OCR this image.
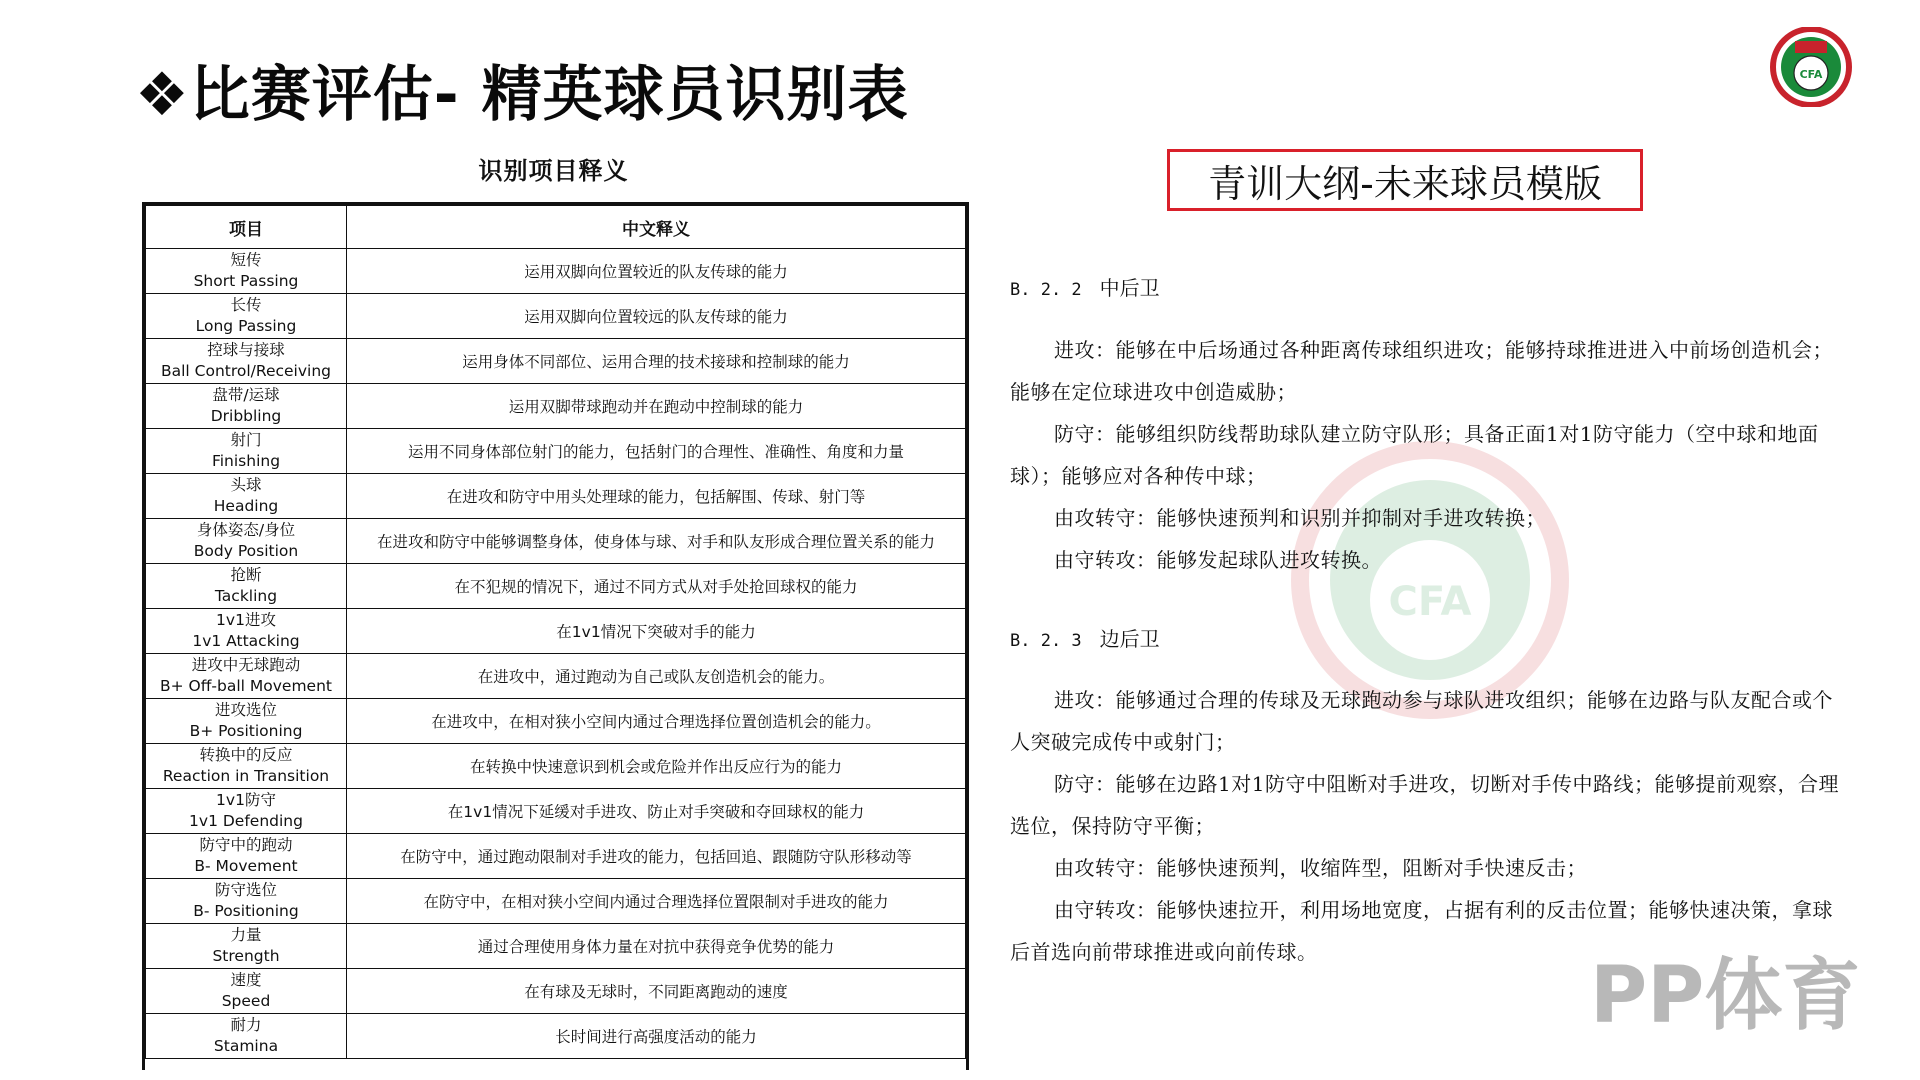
❖比赛评估- 精英球员识别表	CFA
识别项目释义
项目	中文释义

短传
Short Passing	运用双脚向位置较近的队友传球的能力

长传
Long Passing	运用双脚向位置较远的队友传球的能力

控球与接球
Ball Control/Receiving	运用身体不同部位、运用合理的技术接球和控制球的能力

盘带/运球
Dribbling	运用双脚带球跑动并在跑动中控制球的能力

射门
Finishing	运用不同身体部位射门的能力，包括射门的合理性、准确性、角度和力量

头球
Heading	在进攻和防守中用头处理球的能力，包括解围、传球、射门等

身体姿态/身位
Body Position	在进攻和防守中能够调整身体，使身体与球、对手和队友形成合理位置关系的能力

抢断
Tackling	在不犯规的情况下，通过不同方式从对手处抢回球权的能力

1v1进攻
1v1 Attacking	在1v1情况下突破对手的能力

进攻中无球跑动
B+ Off-ball Movement	在进攻中，通过跑动为自己或队友创造机会的能力。

进攻选位
B+ Positioning	在进攻中，在相对狭小空间内通过合理选择位置创造机会的能力。

转换中的反应
Reaction in Transition	在转换中快速意识到机会或危险并作出反应行为的能力

1v1防守
1v1 Defending	在1v1情况下延缓对手进攻、防止对手突破和夺回球权的能力

防守中的跑动
B- Movement	在防守中，通过跑动限制对手进攻的能力，包括回追、跟随防守队形移动等

防守选位
B- Positioning	在防守中，在相对狭小空间内通过合理选择位置限制对手进攻的能力

力量
Strength	通过合理使用身体力量在对抗中获得竞争优势的能力

速度
Speed	在有球及无球时，不同距离跑动的速度

耐力
Stamina	长时间进行高强度活动的能力
青训大纲-未来球员模版
CFA
B. 2. 2 中后卫
进攻：能够在中后场通过各种距离传球组织进攻；能够持球推进进入中前场创造机会；能够在定位球进攻中创造威胁；
防守：能够组织防线帮助球队建立防守队形；具备正面1对1防守能力（空中球和地面球）；能够应对各种传中球；
由攻转守：能够快速预判和识别并抑制对手进攻转换；
由守转攻：能够发起球队进攻转换。
B. 2. 3 边后卫
进攻：能够通过合理的传球及无球跑动参与球队进攻组织；能够在边路与队友配合或个人突破完成传中或射门；
防守：能够在边路1对1防守中阻断对手进攻，切断对手传中路线；能够提前观察，合理选位，保持防守平衡；
由攻转守：能够快速预判，收缩阵型，阻断对手快速反击；
由守转攻：能够快速拉开，利用场地宽度，占据有利的反击位置；能够快速决策，拿球后首选向前带球推进或向前传球。	PP体育
